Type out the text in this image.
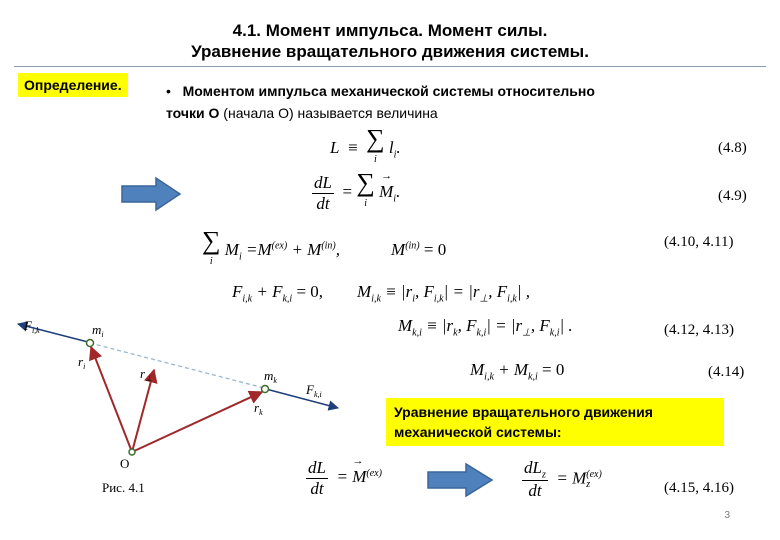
4.1. Момент импульса. Момент силы.
Уравнение вращательного движения системы.
Определение.	• Моментом импульса механической системы относительно
точки О (начала О) называется величина
L ≡ ∑
$^i$ $l_i$.	(4.8)
$\frac{dL}{dt}$ = ∑
$^i$
→
$M_i$.	(4.9)
∑
$^i$ $M_i =M^{(ex)} + M^{(in)}$,	$M^{(in)} = 0$	(4.10, 4.11)
$F_{i,k} + F_{k,i} = 0$, $M_{i,k} \equiv |r_i$, $F_{i,k}| = |r_\perp$, $F_{i,k}|$ ,
$M_{k,i} \equiv |r_k$, $F_{k,i}| = |r_\perp$, $F_{k,i}|$ .	(4.12, 4.13)
$M_{i,k} + M_{k,i} = 0$	(4.14)
Уравнение вращательного движения механической системы:
$\frac{dL}{dt} = M$
→
$^{(ex)}$	$\frac{dL_z}{dt} = M$ (ex)
z	(4.15, 4.16)
$F_{i,k}$	$m_i$
$r_i$	$r_\perp$	$m_k$
$F_{k,i}$
$r_k$
O
Рис. 4.1
3
